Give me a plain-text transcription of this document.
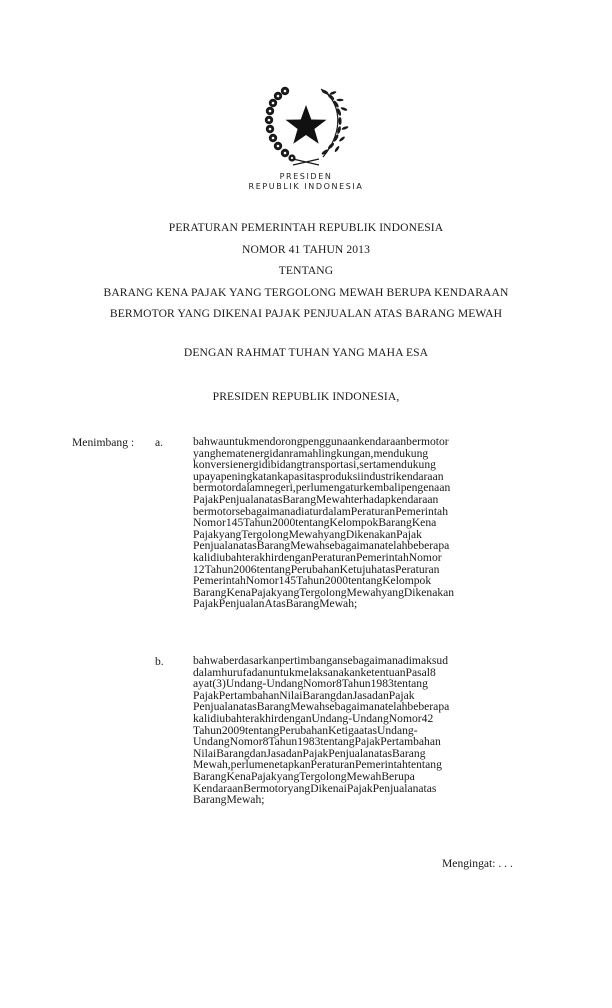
PRESIDEN
REPUBLIK INDONESIA
PERATURAN PEMERINTAH REPUBLIK INDONESIA
NOMOR 41 TAHUN 2013
TENTANG
BARANG KENA PAJAK YANG TERGOLONG MEWAH BERUPA KENDARAAN
BERMOTOR YANG DIKENAI PAJAK PENJUALAN ATAS BARANG MEWAH
DENGAN RAHMAT TUHAN YANG MAHA ESA
PRESIDEN REPUBLIK INDONESIA,
Menimbang : a.	bahwauntukmendorongpenggunaankendaraanbermotor
yanghematenergidanramahlingkungan,mendukung
konversienergidibidangtransportasi,sertamendukung
upayapeningkatankapasitasproduksiindustrikendaraan
bermotordalamnegeri,perlumengaturkembalipengenaan
PajakPenjualanatasBarangMewahterhadapkendaraan
bermotorsebagaimanadiaturdalamPeraturanPemerintah
Nomor145Tahun2000tentangKelompokBarangKena
PajakyangTergolongMewahyangDikenakanPajak
PenjualanatasBarangMewahsebagaimanatelahbeberapa
kalidiubahterakhirdenganPeraturanPemerintahNomor
12Tahun2006tentangPerubahanKetujuhatasPeraturan
PemerintahNomor145Tahun2000tentangKelompok
BarangKenaPajakyangTergolongMewahyangDikenakan
PajakPenjualanAtasBarangMewah;
b.	bahwaberdasarkanpertimbangansebagaimanadimaksud
dalamhurufadanuntukmelaksanakanketentuanPasal8
ayat(3)Undang-UndangNomor8Tahun1983tentang
PajakPertambahanNilaiBarangdanJasadanPajak
PenjualanatasBarangMewahsebagaimanatelahbeberapa
kalidiubahterakhirdenganUndang-UndangNomor42
Tahun2009tentangPerubahanKetigaatasUndang-
UndangNomor8Tahun1983tentangPajakPertambahan
NilaiBarangdanJasadanPajakPenjualanatasBarang
Mewah,perlumenetapkanPeraturanPemerintahtentang
BarangKenaPajakyangTergolongMewahBerupa
KendaraanBermotoryangDikenaiPajakPenjualanatas
BarangMewah;
Mengingat: . . .
